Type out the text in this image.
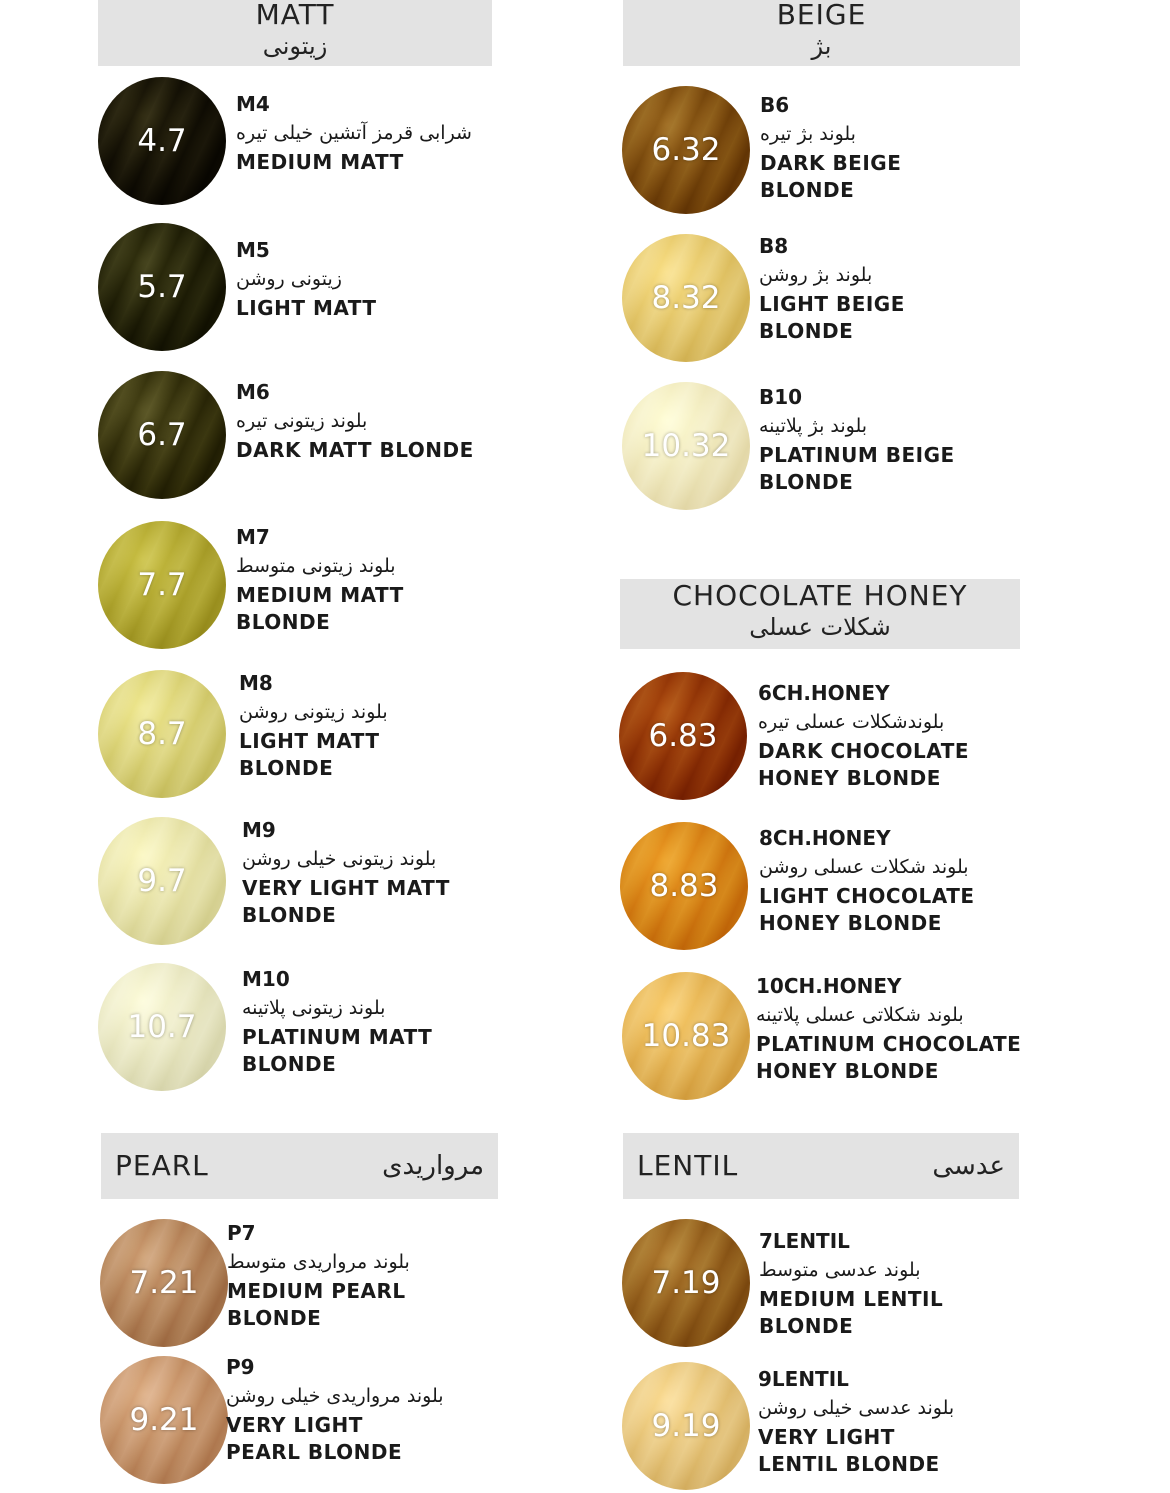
MATT
زیتونی
BEIGE
بژ
CHOCOLATE HONEY
شکلات عسلی
PEARL	مرواریدی	LENTIL	عدسی
4.7
M4
شرابی قرمز آتشین خیلی تیره
MEDIUM MATT
5.7
M5
زیتونی روشن
LIGHT MATT
6.7
M6
بلوند زیتونی تیره
DARK MATT BLONDE
7.7
M7
بلوند زیتونی متوسط
MEDIUM MATT
BLONDE
8.7
M8
بلوند زیتونی روشن
LIGHT MATT
BLONDE
9.7
M9
بلوند زیتونی خیلی روشن
VERY LIGHT MATT
BLONDE
10.7
M10
بلوند زیتونی پلاتینه
PLATINUM MATT
BLONDE
6.32
B6
بلوند بژ تیره
DARK BEIGE
BLONDE
8.32
B8
بلوند بژ روشن
LIGHT BEIGE
BLONDE
10.32
B10
بلوند بژ پلاتینه
PLATINUM BEIGE
BLONDE
6.83
6CH.HONEY
بلوندشکلات عسلی تیره
DARK CHOCOLATE
HONEY BLONDE
8.83
8CH.HONEY
بلوند شکلات عسلی روشن
LIGHT CHOCOLATE
HONEY BLONDE
10.83
10CH.HONEY
بلوند شکلاتی عسلی پلاتینه
PLATINUM CHOCOLATE
HONEY BLONDE
7.21
P7
بلوند مرواریدی متوسط
MEDIUM PEARL
BLONDE
9.21
P9
بلوند مرواریدی خیلی روشن
VERY LIGHT
PEARL BLONDE
7.19
7LENTIL
بلوند عدسی متوسط
MEDIUM LENTIL
BLONDE
9.19
9LENTIL
بلوند عدسی خیلی روشن
VERY LIGHT
LENTIL BLONDE
